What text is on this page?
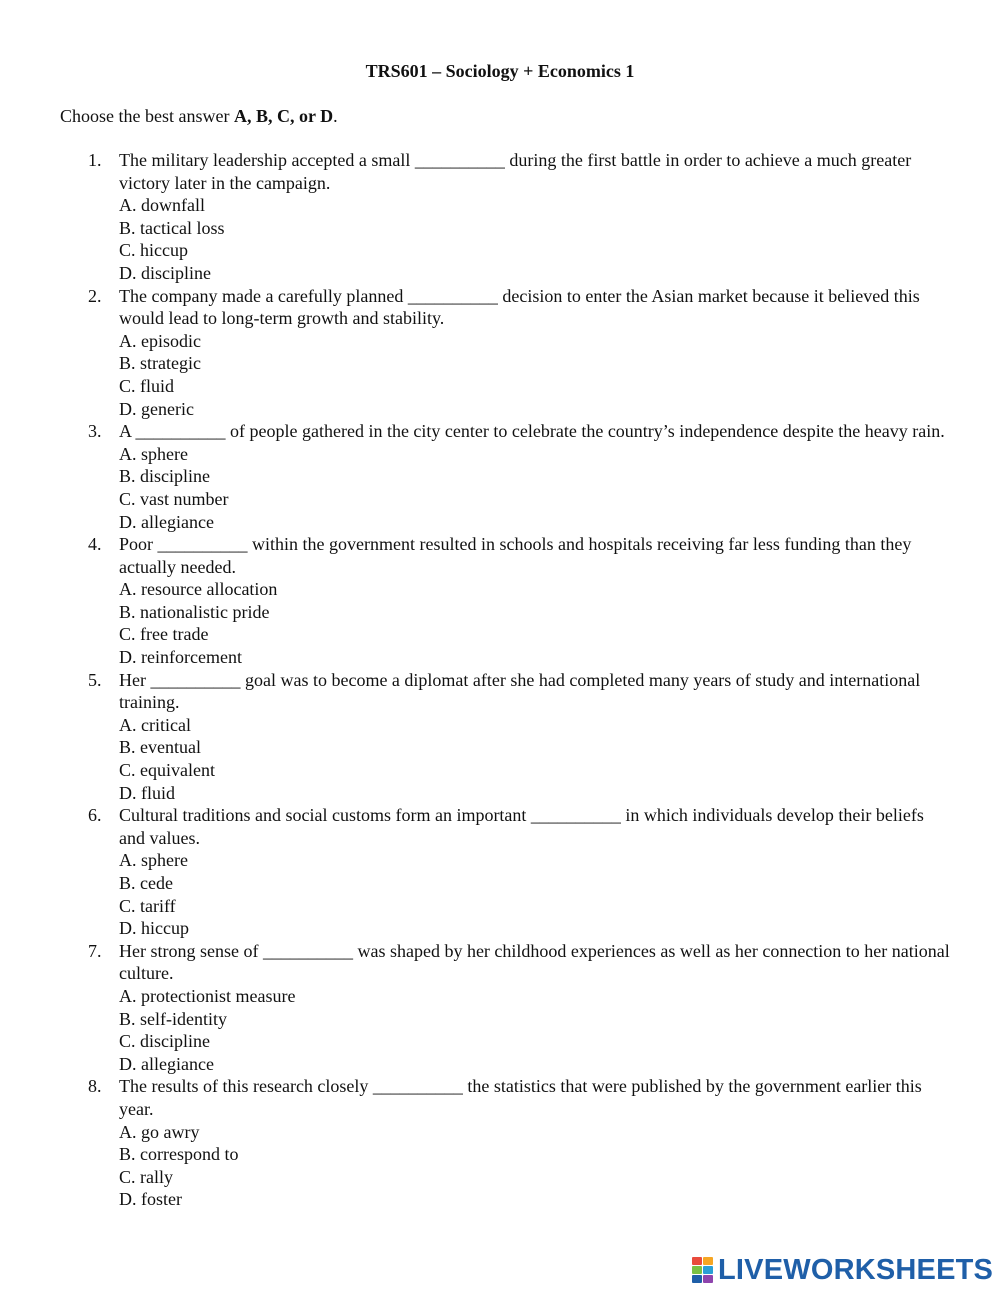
TRS601 – Sociology + Economics 1
Choose the best answer A, B, C, or D.
1. The military leadership accepted a small __________ during the first battle in order to achieve a much greater victory later in the campaign.
A. downfall
B. tactical loss
C. hiccup
D. discipline
2. The company made a carefully planned __________ decision to enter the Asian market because it believed this would lead to long-term growth and stability.
A. episodic
B. strategic
C. fluid
D. generic
3. A __________ of people gathered in the city center to celebrate the country’s independence despite the heavy rain.
A. sphere
B. discipline
C. vast number
D. allegiance
4. Poor __________ within the government resulted in schools and hospitals receiving far less funding than they actually needed.
A. resource allocation
B. nationalistic pride
C. free trade
D. reinforcement
5. Her __________ goal was to become a diplomat after she had completed many years of study and international training.
A. critical
B. eventual
C. equivalent
D. fluid
6. Cultural traditions and social customs form an important __________ in which individuals develop their beliefs and values.
A. sphere
B. cede
C. tariff
D. hiccup
7. Her strong sense of __________ was shaped by her childhood experiences as well as her connection to her national culture.
A. protectionist measure
B. self-identity
C. discipline
D. allegiance
8. The results of this research closely __________ the statistics that were published by the government earlier this year.
A. go awry
B. correspond to
C. rally
D. foster
LIVEWORKSHEETS
